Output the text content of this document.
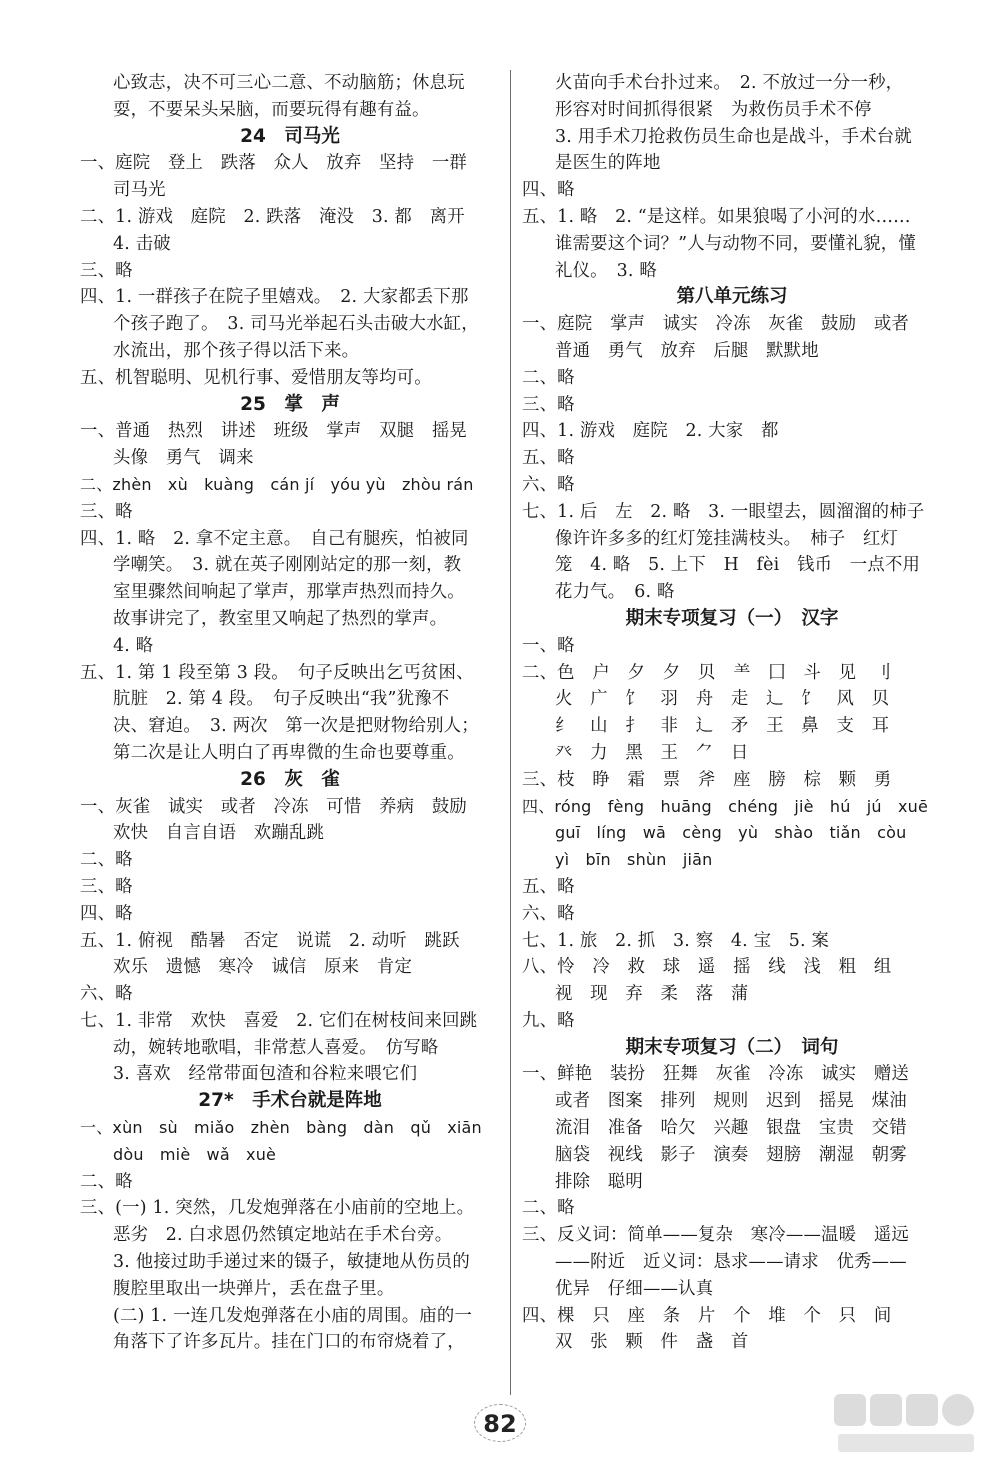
心致志，决不可三心二意、不动脑筋；休息玩
耍，不要呆头呆脑，而要玩得有趣有益。
24　司马光
一、庭院　登上　跌落　众人　放弃　坚持　一群
司马光
二、1. 游戏　庭院　2. 跌落　淹没　3. 都　离开
4. 击破
三、略
四、1. 一群孩子在院子里嬉戏。　2. 大家都丢下那
个孩子跑了。　3. 司马光举起石头击破大水缸，
水流出，那个孩子得以活下来。
五、机智聪明、见机行事、爱惜朋友等均可。
25　掌　声
一、普通　热烈　讲述　班级　掌声　双腿　摇晃
头像　勇气　调来
二、zhèn　xù　kuàng　cán jí　yóu yù　zhòu rán
三、略
四、1. 略　2. 拿不定主意。　自己有腿疾，怕被同
学嘲笑。　3. 就在英子刚刚站定的那一刻，教
室里骤然间响起了掌声，那掌声热烈而持久。
故事讲完了，教室里又响起了热烈的掌声。
4. 略
五、1. 第 1 段至第 3 段。　句子反映出乞丐贫困、
肮脏　2. 第 4 段。　句子反映出“我”犹豫不
决、窘迫。　3. 两次　第一次是把财物给别人；
第二次是让人明白了再卑微的生命也要尊重。
26　灰　雀
一、灰雀　诚实　或者　冷冻　可惜　养病　鼓励
欢快　自言自语　欢蹦乱跳
二、略
三、略
四、略
五、1. 俯视　酷暑　否定　说谎　2. 动听　跳跃
欢乐　遗憾　寒冷　诚信　原来　肯定
六、略
七、1. 非常　欢快　喜爱　2. 它们在树枝间来回跳
动，婉转地歌唱，非常惹人喜爱。　仿写略
3. 喜欢　经常带面包渣和谷粒来喂它们
27*　手术台就是阵地
一、xùn　sù　miǎo　zhèn　bàng　dàn　qǔ　xiān
dòu　miè　wǎ　xuè
二、略
三、(一) 1. 突然，几发炮弹落在小庙前的空地上。
恶劣　2. 白求恩仍然镇定地站在手术台旁。
3. 他接过助手递过来的镊子，敏捷地从伤员的
腹腔里取出一块弹片，丢在盘子里。
(二) 1. 一连几发炮弹落在小庙的周围。庙的一
角落下了许多瓦片。挂在门口的布帘烧着了，
火苗向手术台扑过来。　2. 不放过一分一秒，
形容对时间抓得很紧　为救伤员手术不停
3. 用手术刀抢救伤员生命也是战斗，手术台就
是医生的阵地
四、略
五、1. 略　2. “是这样。如果狼喝了小河的水……
谁需要这个词？”人与动物不同，要懂礼貌，懂
礼仪。　3. 略
第八单元练习
一、庭院　掌声　诚实　冷冻　灰雀　鼓励　或者
普通　勇气　放弃　后腿　默默地
二、略
三、略
四、1. 游戏　庭院　2. 大家　都
五、略
六、略
七、1. 后　左　2. 略　3. 一眼望去，圆溜溜的柿子
像许许多多的红灯笼挂满枝头。　柿子　红灯
笼　4. 略　5. 上下　H　fèi　钱币　一点不用
花力气。　6. 略
期末专项复习（一）　汉字
一、略
二、色　户　夕　夕　贝　⺷　囗　斗　见　刂
火　广　饣　羽　舟　走　辶　饣　风　贝
纟　山　扌　非　辶　矛　王　鼻　支　耳
癶　力　黑　王　⺈　日
三、枝　睁　霜　票　斧　座　膀　棕　颗　勇
四、róng　fèng　huāng　chéng　jiè　hú　jú　xuē
guī　líng　wā　cèng　yù　shào　tiǎn　còu
yì　bīn　shùn　jiān
五、略
六、略
七、1. 旅　2. 抓　3. 察　4. 宝　5. 案
八、怜　冷　救　球　遥　摇　线　浅　粗　组
视　现　弃　柔　落　蒲
九、略
期末专项复习（二）　词句
一、鲜艳　装扮　狂舞　灰雀　冷冻　诚实　赠送
或者　图案　排列　规则　迟到　摇晃　煤油
流泪　准备　哈欠　兴趣　银盘　宝贵　交错
脑袋　视线　影子　演奏　翅膀　潮湿　朝雾
排除　聪明
二、略
三、反义词：简单——复杂　寒冷——温暖　遥远
——附近　近义词：恳求——请求　优秀——
优异　仔细——认真
四、棵　只　座　条　片　个　堆　个　只　间
双　张　颗　件　盏　首
82
